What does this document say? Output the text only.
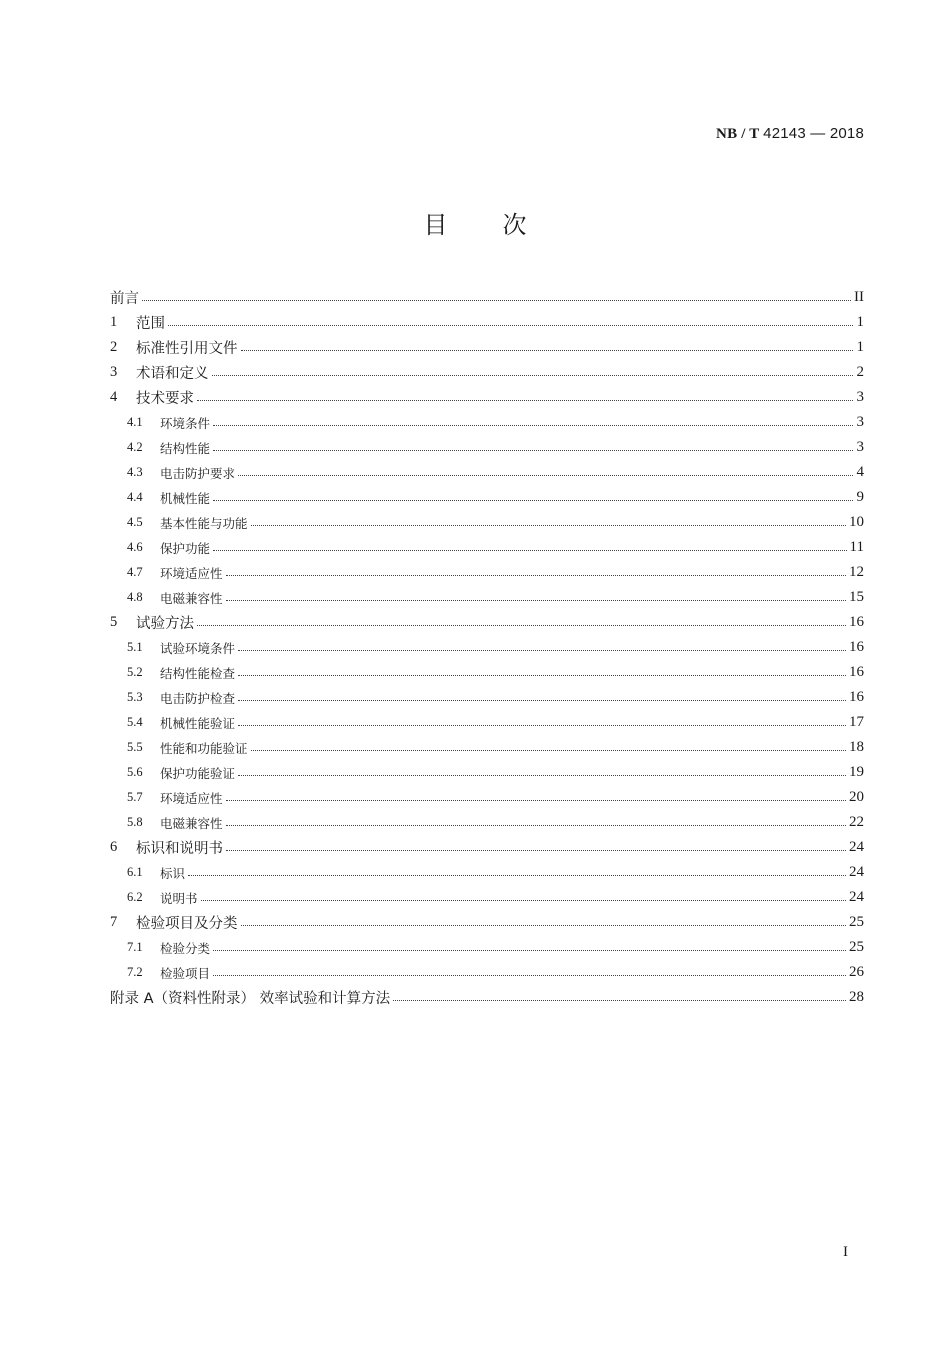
NB / T 42143 — 2018
目 次
前言	II
1	范围	1
2	标准性引用文件	1
3	术语和定义	2
4	技术要求	3
4.1	环境条件	3
4.2	结构性能	3
4.3	电击防护要求	4
4.4	机械性能	9
4.5	基本性能与功能	10
4.6	保护功能	11
4.7	环境适应性	12
4.8	电磁兼容性	15
5	试验方法	16
5.1	试验环境条件	16
5.2	结构性能检查	16
5.3	电击防护检查	16
5.4	机械性能验证	17
5.5	性能和功能验证	18
5.6	保护功能验证	19
5.7	环境适应性	20
5.8	电磁兼容性	22
6	标识和说明书	24
6.1	标识	24
6.2	说明书	24
7	检验项目及分类	25
7.1	检验分类	25
7.2	检验项目	26
附录 A（资料性附录） 效率试验和计算方法	28
I
